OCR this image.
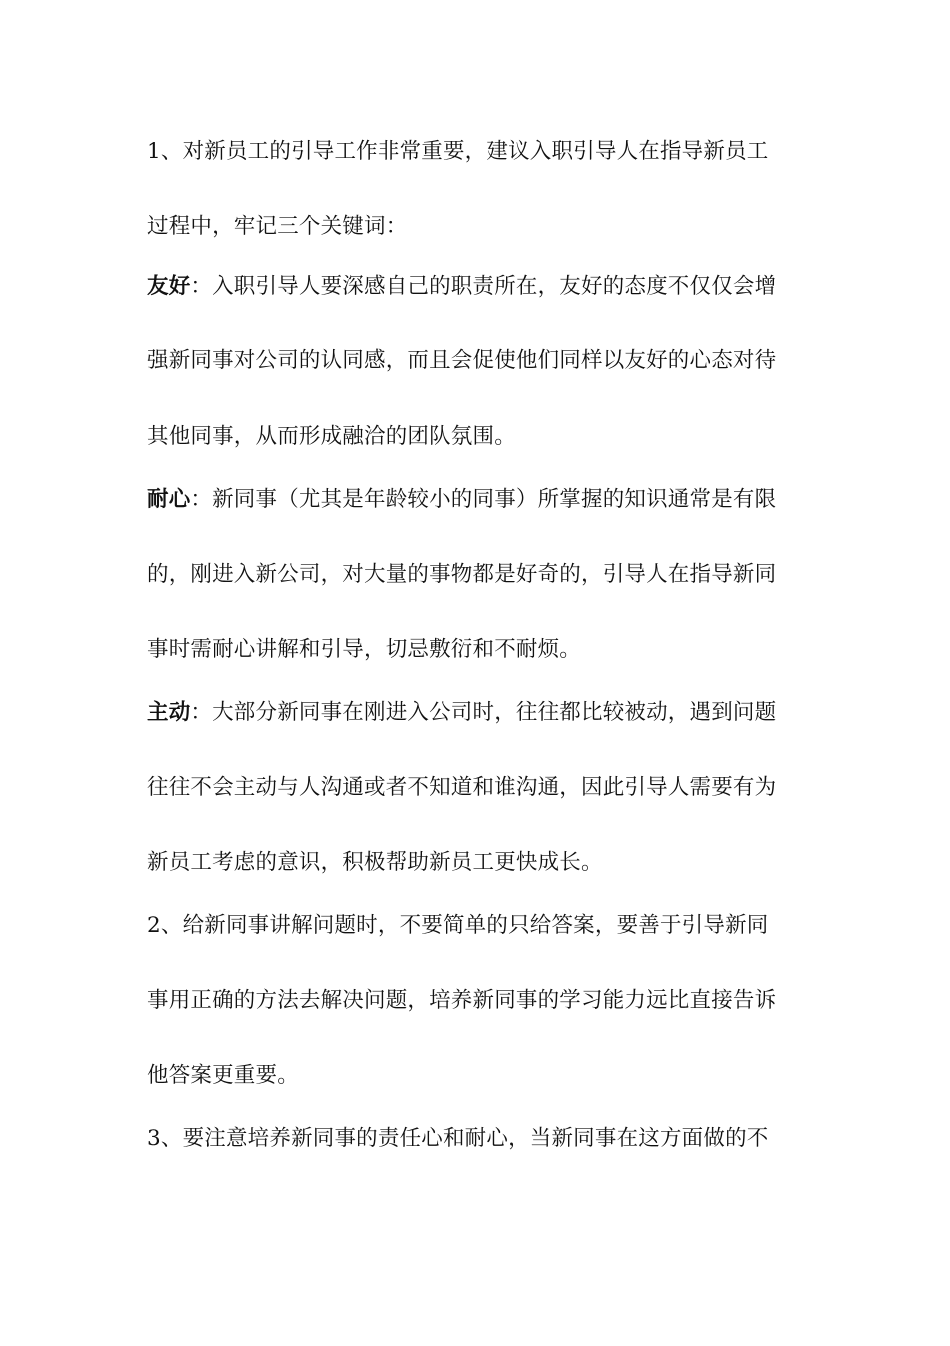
1、对新员工的引导工作非常重要，建议入职引导人在指导新员工
过程中，牢记三个关键词：
友好：入职引导人要深感自己的职责所在，友好的态度不仅仅会增
强新同事对公司的认同感，而且会促使他们同样以友好的心态对待
其他同事，从而形成融洽的团队氛围。
耐心：新同事（尤其是年龄较小的同事）所掌握的知识通常是有限
的，刚进入新公司，对大量的事物都是好奇的，引导人在指导新同
事时需耐心讲解和引导，切忌敷衍和不耐烦。
主动：大部分新同事在刚进入公司时，往往都比较被动，遇到问题
往往不会主动与人沟通或者不知道和谁沟通，因此引导人需要有为
新员工考虑的意识，积极帮助新员工更快成长。
2、给新同事讲解问题时，不要简单的只给答案，要善于引导新同
事用正确的方法去解决问题，培养新同事的学习能力远比直接告诉
他答案更重要。
3、要注意培养新同事的责任心和耐心，当新同事在这方面做的不
